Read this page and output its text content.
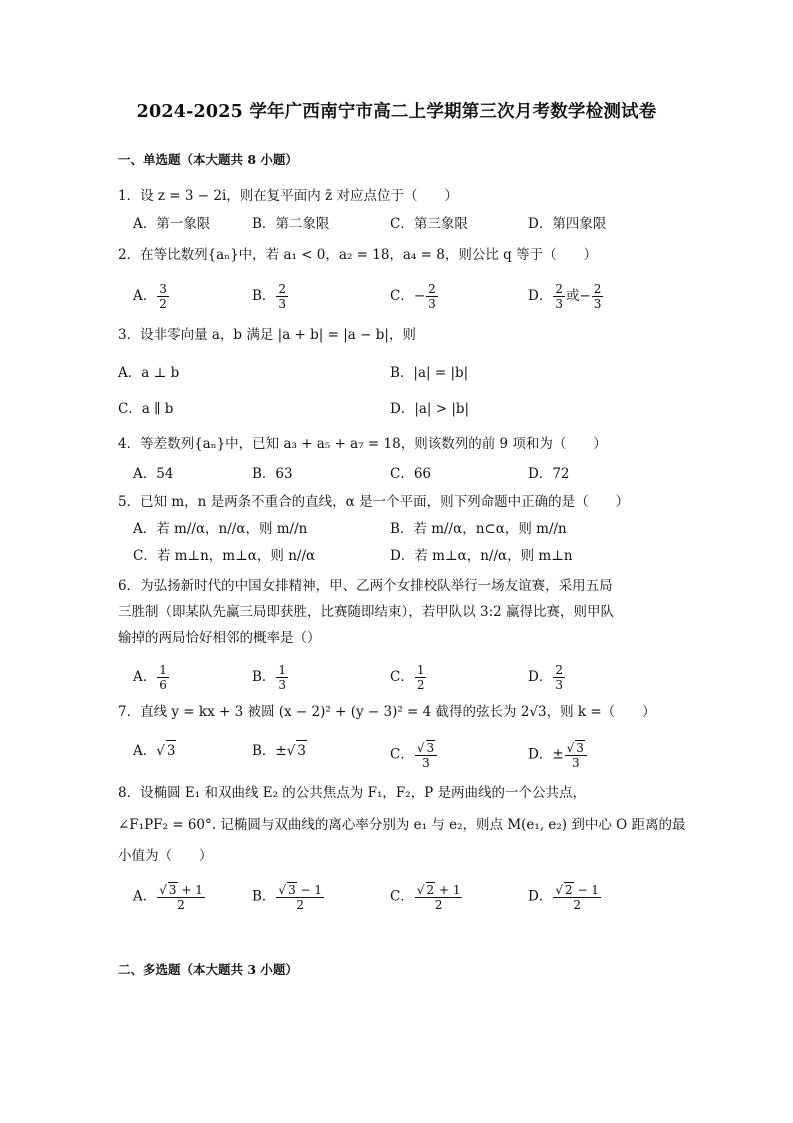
2024-2025 学年广西南宁市高二上学期第三次月考数学检测试卷
一、单选题（本大题共 8 小题）
1．设 z = 3 − 2i，则在复平面内 z̄ 对应点位于（　　）
A．第一象限	B．第二象限	C．第三象限	D．第四象限
2．在等比数列{aₙ}中，若 a₁ < 0，a₂ = 18，a₄ = 8，则公比 q 等于（　　）
A． $\frac{3}{2}$	B． $\frac{2}{3}$	C．− $\frac{2}{3}$	D． $\frac{2}{3}$ 或− $\frac{2}{3}$
3．设非零向量 a，b 满足 |a + b| = |a − b|，则
A．a ⊥ b	B．|a| = |b|
C．a ∥ b	D．|a| > |b|
4．等差数列{aₙ}中，已知 a₃ + a₅ + a₇ = 18，则该数列的前 9 项和为（　　）
A．54	B．63	C．66	D．72
5．已知 m，n 是两条不重合的直线，α 是一个平面，则下列命题中正确的是（　　）
A．若 m//α，n//α，则 m//n	B．若 m//α，n⊂α，则 m//n
C．若 m⊥n，m⊥α，则 n//α	D．若 m⊥α，n//α，则 m⊥n
6．为弘扬新时代的中国女排精神，甲、乙两个女排校队举行一场友谊赛，采用五局
三胜制（即某队先赢三局即获胜，比赛随即结束），若甲队以 3:2 赢得比赛，则甲队
输掉的两局恰好相邻的概率是（）
A． $\frac{1}{6}$	B． $\frac{1}{3}$	C． $\frac{1}{2}$	D． $\frac{2}{3}$
7．直线 y = kx + 3 被圆 (x − 2)² + (y − 3)² = 4 截得的弦长为 2√3，则 k =（　　）
A．√ 3	B．±√ 3	C． $\frac{√ 3}{3}$	D．± $\frac{√ 3}{3}$
8．设椭圆 E₁ 和双曲线 E₂ 的公共焦点为 F₁，F₂，P 是两曲线的一个公共点，
∠F₁PF₂ = 60°. 记椭圆与双曲线的离心率分别为 e₁ 与 e₂，则点 M(e₁, e₂) 到中心 O 距离的最
小值为（　　）
A． $\frac{√ 3 + 1}{2}$	B． $\frac{√ 3 - 1}{2}$	C． $\frac{√ 2 + 1}{2}$	D． $\frac{√ 2 - 1}{2}$
二、多选题（本大题共 3 小题）
